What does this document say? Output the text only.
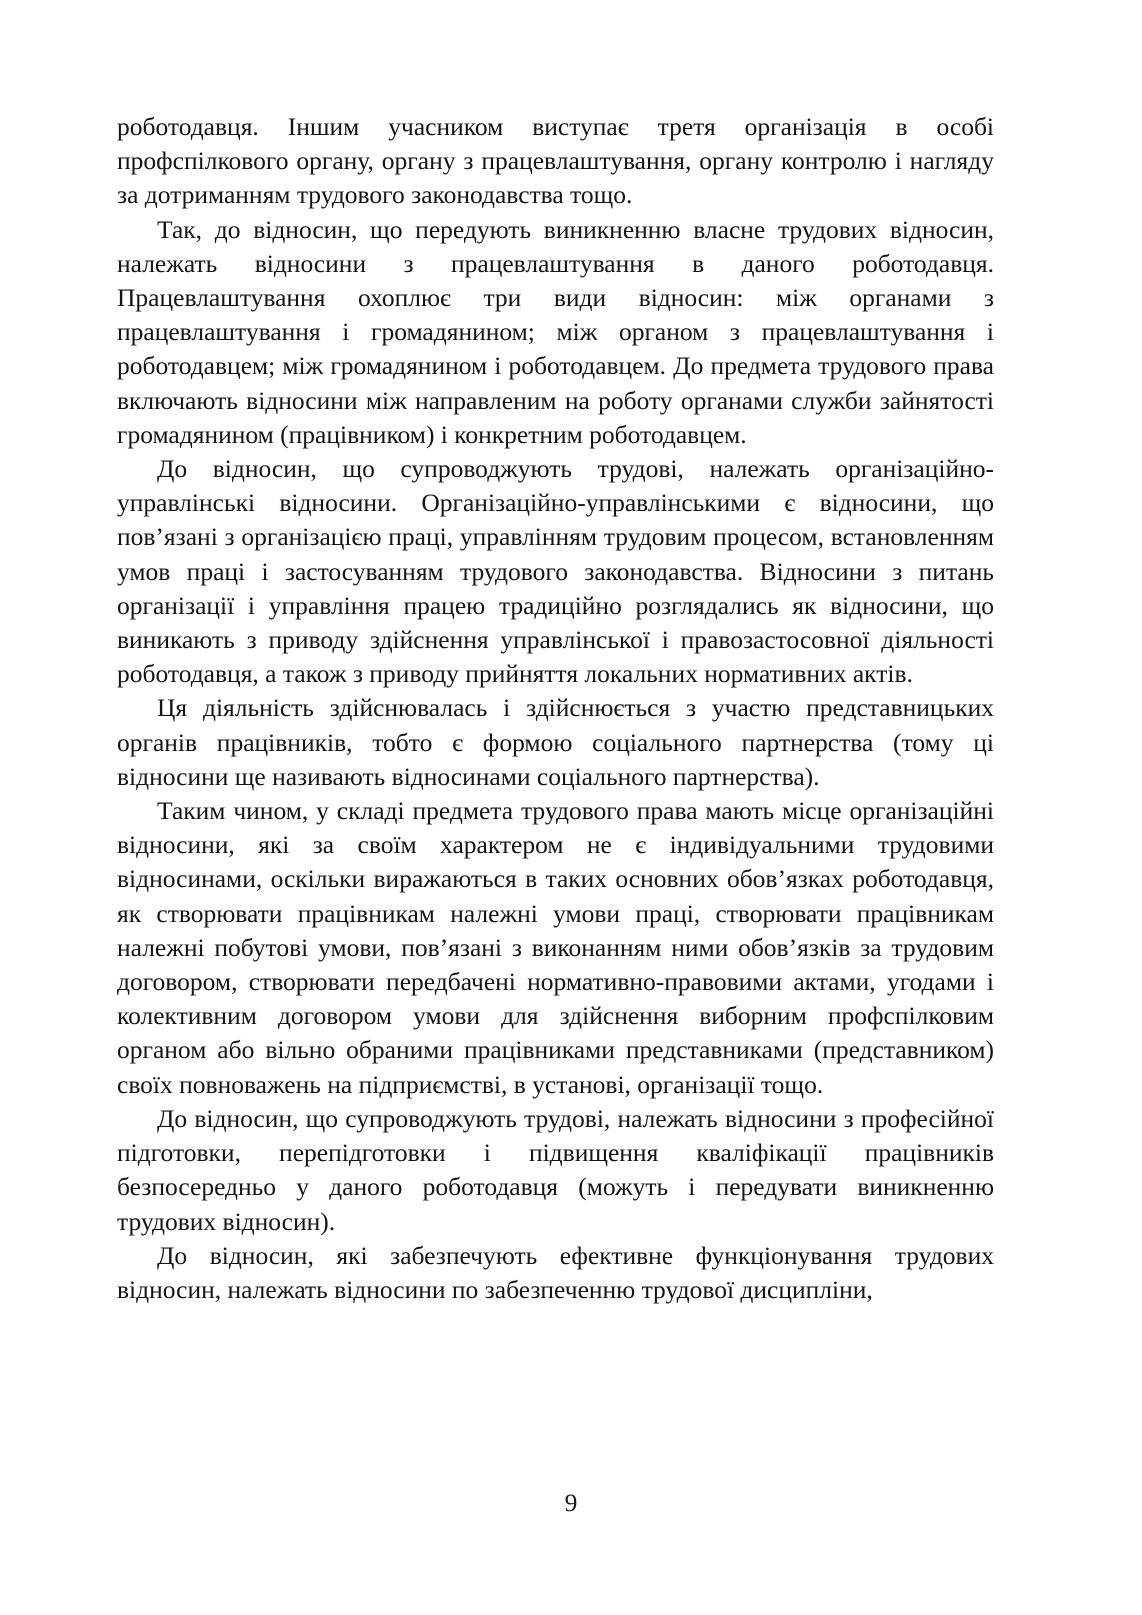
роботодавця. Іншим учасником виступає третя організація в особі профспілкового органу, органу з працевлаштування, органу контролю і нагляду за дотриманням трудового законодавства тощо.

Так, до відносин, що передують виникненню власне трудових відносин, належать відносини з працевлаштування в даного роботодавця. Працевлаштування охоплює три види відносин: між органами з працевлаштування і громадянином; між органом з працевлаштування і роботодавцем; між громадянином і роботодавцем. До предмета трудового права включають відносини між направленим на роботу органами служби зайнятості громадянином (працівником) і конкретним роботодавцем.

До відносин, що супроводжують трудові, належать організаційно-управлінські відносини. Організаційно-управлінськими є відносини, що пов’язані з організацією праці, управлінням трудовим процесом, встановленням умов праці і застосуванням трудового законодавства. Відносини з питань організації і управління працею традиційно розглядались як відносини, що виникають з приводу здійснення управлінської і правозастосовної діяльності роботодавця, а також з приводу прийняття локальних нормативних актів.

Ця діяльність здійснювалась і здійснюється з участю представницьких органів працівників, тобто є формою соціального партнерства (тому ці відносини ще називають відносинами соціального партнерства).

Таким чином, у складі предмета трудового права мають місце організаційні відносини, які за своїм характером не є індивідуальними трудовими відносинами, оскільки виражаються в таких основних обов’язках роботодавця, як створювати працівникам належні умови праці, створювати працівникам належні побутові умови, пов’язані з виконанням ними обов’язків за трудовим договором, створювати передбачені нормативно-правовими актами, угодами і колективним договором умови для здійснення виборним профспілковим органом або вільно обраними працівниками представниками (представником) своїх повноважень на підприємстві, в установі, організації тощо.

До відносин, що супроводжують трудові, належать відносини з професійної підготовки, перепідготовки і підвищення кваліфікації працівників безпосередньо у даного роботодавця (можуть і передувати виникненню трудових відносин).

До відносин, які забезпечують ефективне функціонування трудових відносин, належать відносини по забезпеченню трудової дисципліни,

9
